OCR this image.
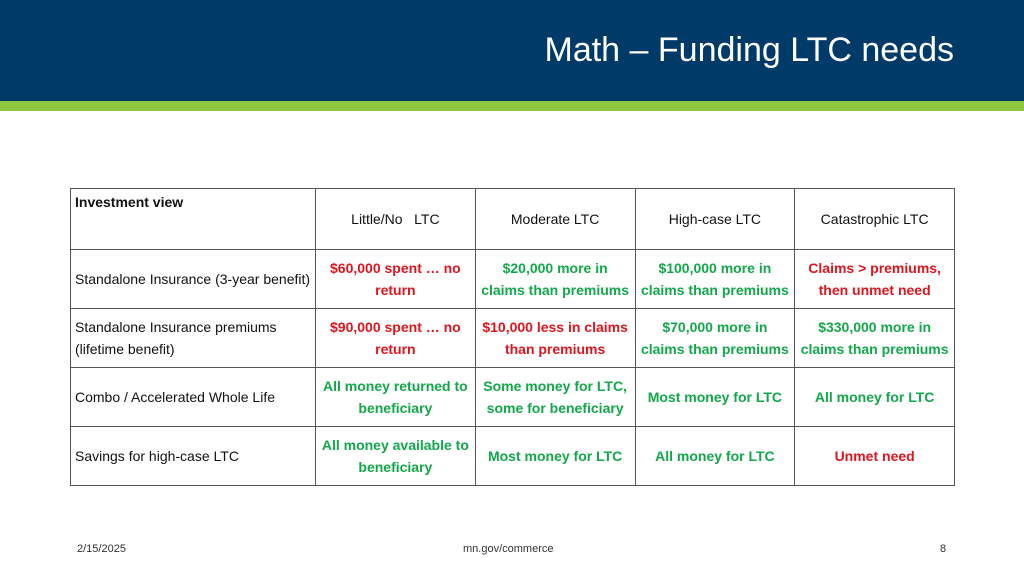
Math – Funding LTC needs
Investment view	Little/No   LTC	Moderate LTC	High-case LTC	Catastrophic LTC
Standalone Insurance (3-year benefit)	$60,000 spent … no return	$20,000 more in claims than premiums	$100,000 more in claims than premiums	Claims > premiums, then unmet need
Standalone Insurance premiums (lifetime benefit)	$90,000 spent … no return	$10,000 less in claims than premiums	$70,000 more in claims than premiums	$330,000 more in claims than premiums
Combo / Accelerated Whole Life	All money returned to beneficiary	Some money for LTC, some for beneficiary	Most money for LTC	All money for LTC
Savings for high-case LTC	All money available to beneficiary	Most money for LTC	All money for LTC	Unmet need
2/15/2025	mn.gov/commerce	8
